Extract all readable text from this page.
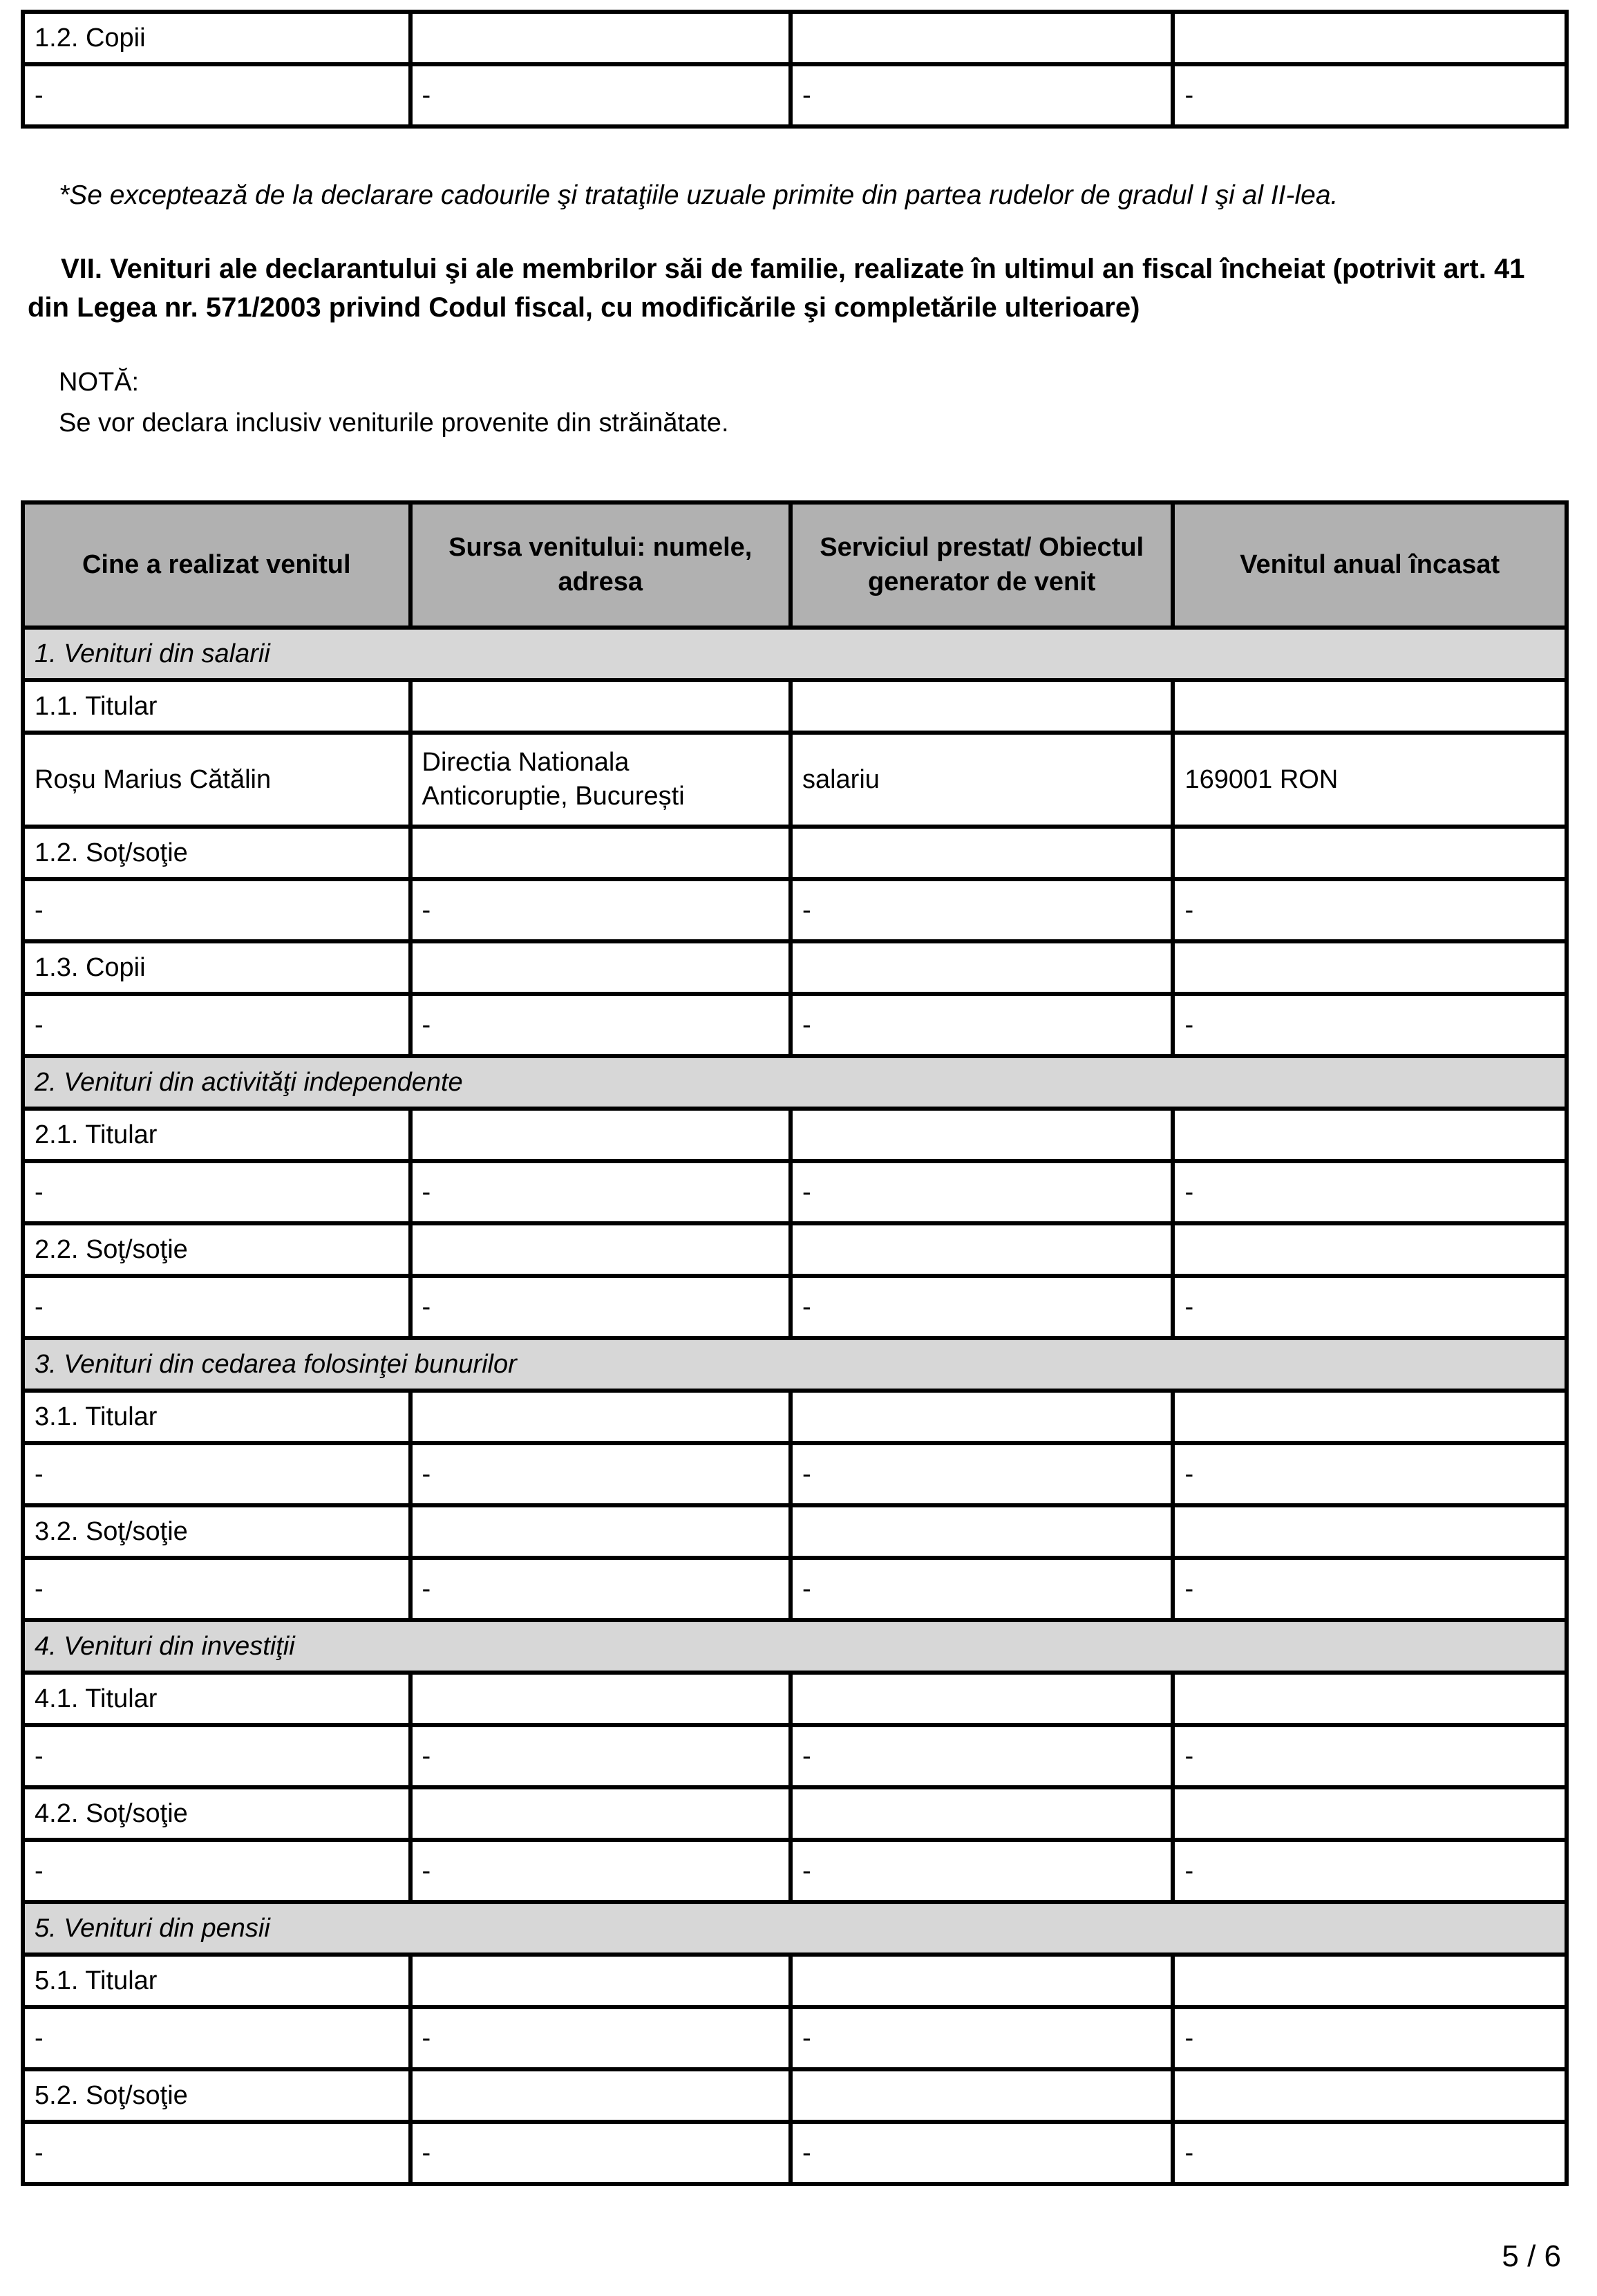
1.2. Copii			
-	-	-	-

*Se exceptează de la declarare cadourile şi trataţiile uzuale primite din partea rudelor de gradul I şi al II-lea.

VII. Venituri ale declarantului şi ale membrilor săi de familie, realizate în ultimul an fiscal încheiat (potrivit art. 41 din Legea nr. 571/2003 privind Codul fiscal, cu modificările şi completările ulterioare)

NOTĂ:

Se vor declara inclusiv veniturile provenite din străinătate.

Cine a realizat venitul	Sursa venitului: numele, adresa	Serviciul prestat/ Obiectul generator de venit	Venitul anual încasat
1. Venituri din salarii			
1.1. Titular			
Roșu Marius Cătălin	Directia Nationala Anticoruptie, București	salariu	169001 RON
1.2. Soţ/soţie			
-	-	-	-
1.3. Copii			
-	-	-	-
2. Venituri din activităţi independente			
2.1. Titular			
-	-	-	-
2.2. Soţ/soţie			
-	-	-	-
3. Venituri din cedarea folosinţei bunurilor			
3.1. Titular			
-	-	-	-
3.2. Soţ/soţie			
-	-	-	-
4. Venituri din investiţii			
4.1. Titular			
-	-	-	-
4.2. Soţ/soţie			
-	-	-	-
5. Venituri din pensii			
5.1. Titular			
-	-	-	-
5.2. Soţ/soţie			
-	-	-	-
5 / 6
